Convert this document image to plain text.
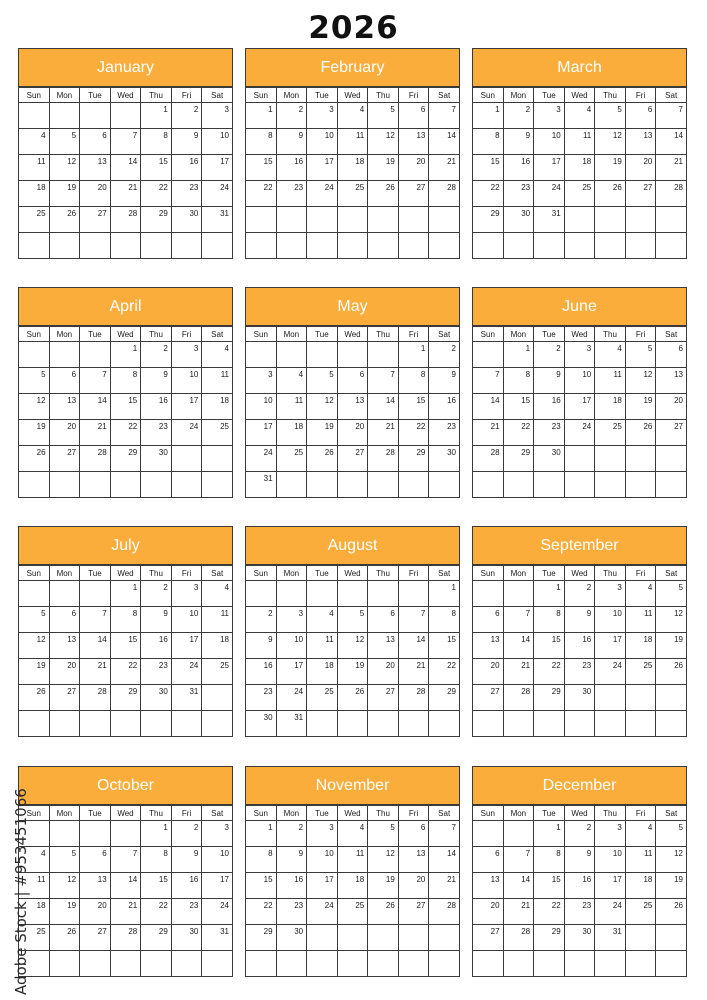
2026
January
Sun	Mon	Tue	Wed	Thu	Fri	Sat
				1	2	3
4	5	6	7	8	9	10
11	12	13	14	15	16	17
18	19	20	21	22	23	24
25	26	27	28	29	30	31

February
Sun	Mon	Tue	Wed	Thu	Fri	Sat
1	2	3	4	5	6	7
8	9	10	11	12	13	14
15	16	17	18	19	20	21
22	23	24	25	26	27	28

March
Sun	Mon	Tue	Wed	Thu	Fri	Sat
1	2	3	4	5	6	7
8	9	10	11	12	13	14
15	16	17	18	19	20	21
22	23	24	25	26	27	28
29	30	31				

April
Sun	Mon	Tue	Wed	Thu	Fri	Sat
			1	2	3	4
5	6	7	8	9	10	11
12	13	14	15	16	17	18
19	20	21	22	23	24	25
26	27	28	29	30		

May
Sun	Mon	Tue	Wed	Thu	Fri	Sat
					1	2
3	4	5	6	7	8	9
10	11	12	13	14	15	16
17	18	19	20	21	22	23
24	25	26	27	28	29	30
31						
June
Sun	Mon	Tue	Wed	Thu	Fri	Sat
	1	2	3	4	5	6
7	8	9	10	11	12	13
14	15	16	17	18	19	20
21	22	23	24	25	26	27
28	29	30				

July
Sun	Mon	Tue	Wed	Thu	Fri	Sat
			1	2	3	4
5	6	7	8	9	10	11
12	13	14	15	16	17	18
19	20	21	22	23	24	25
26	27	28	29	30	31	

August
Sun	Mon	Tue	Wed	Thu	Fri	Sat
						1
2	3	4	5	6	7	8
9	10	11	12	13	14	15
16	17	18	19	20	21	22
23	24	25	26	27	28	29
30	31					
September
Sun	Mon	Tue	Wed	Thu	Fri	Sat
		1	2	3	4	5
6	7	8	9	10	11	12
13	14	15	16	17	18	19
20	21	22	23	24	25	26
27	28	29	30			

October
Sun	Mon	Tue	Wed	Thu	Fri	Sat
				1	2	3
4	5	6	7	8	9	10
11	12	13	14	15	16	17
18	19	20	21	22	23	24
25	26	27	28	29	30	31

November
Sun	Mon	Tue	Wed	Thu	Fri	Sat
1	2	3	4	5	6	7
8	9	10	11	12	13	14
15	16	17	18	19	20	21
22	23	24	25	26	27	28
29	30					

December
Sun	Mon	Tue	Wed	Thu	Fri	Sat
		1	2	3	4	5
6	7	8	9	10	11	12
13	14	15	16	17	18	19
20	21	22	23	24	25	26
27	28	29	30	31		

Adobe Stock | #953451066
